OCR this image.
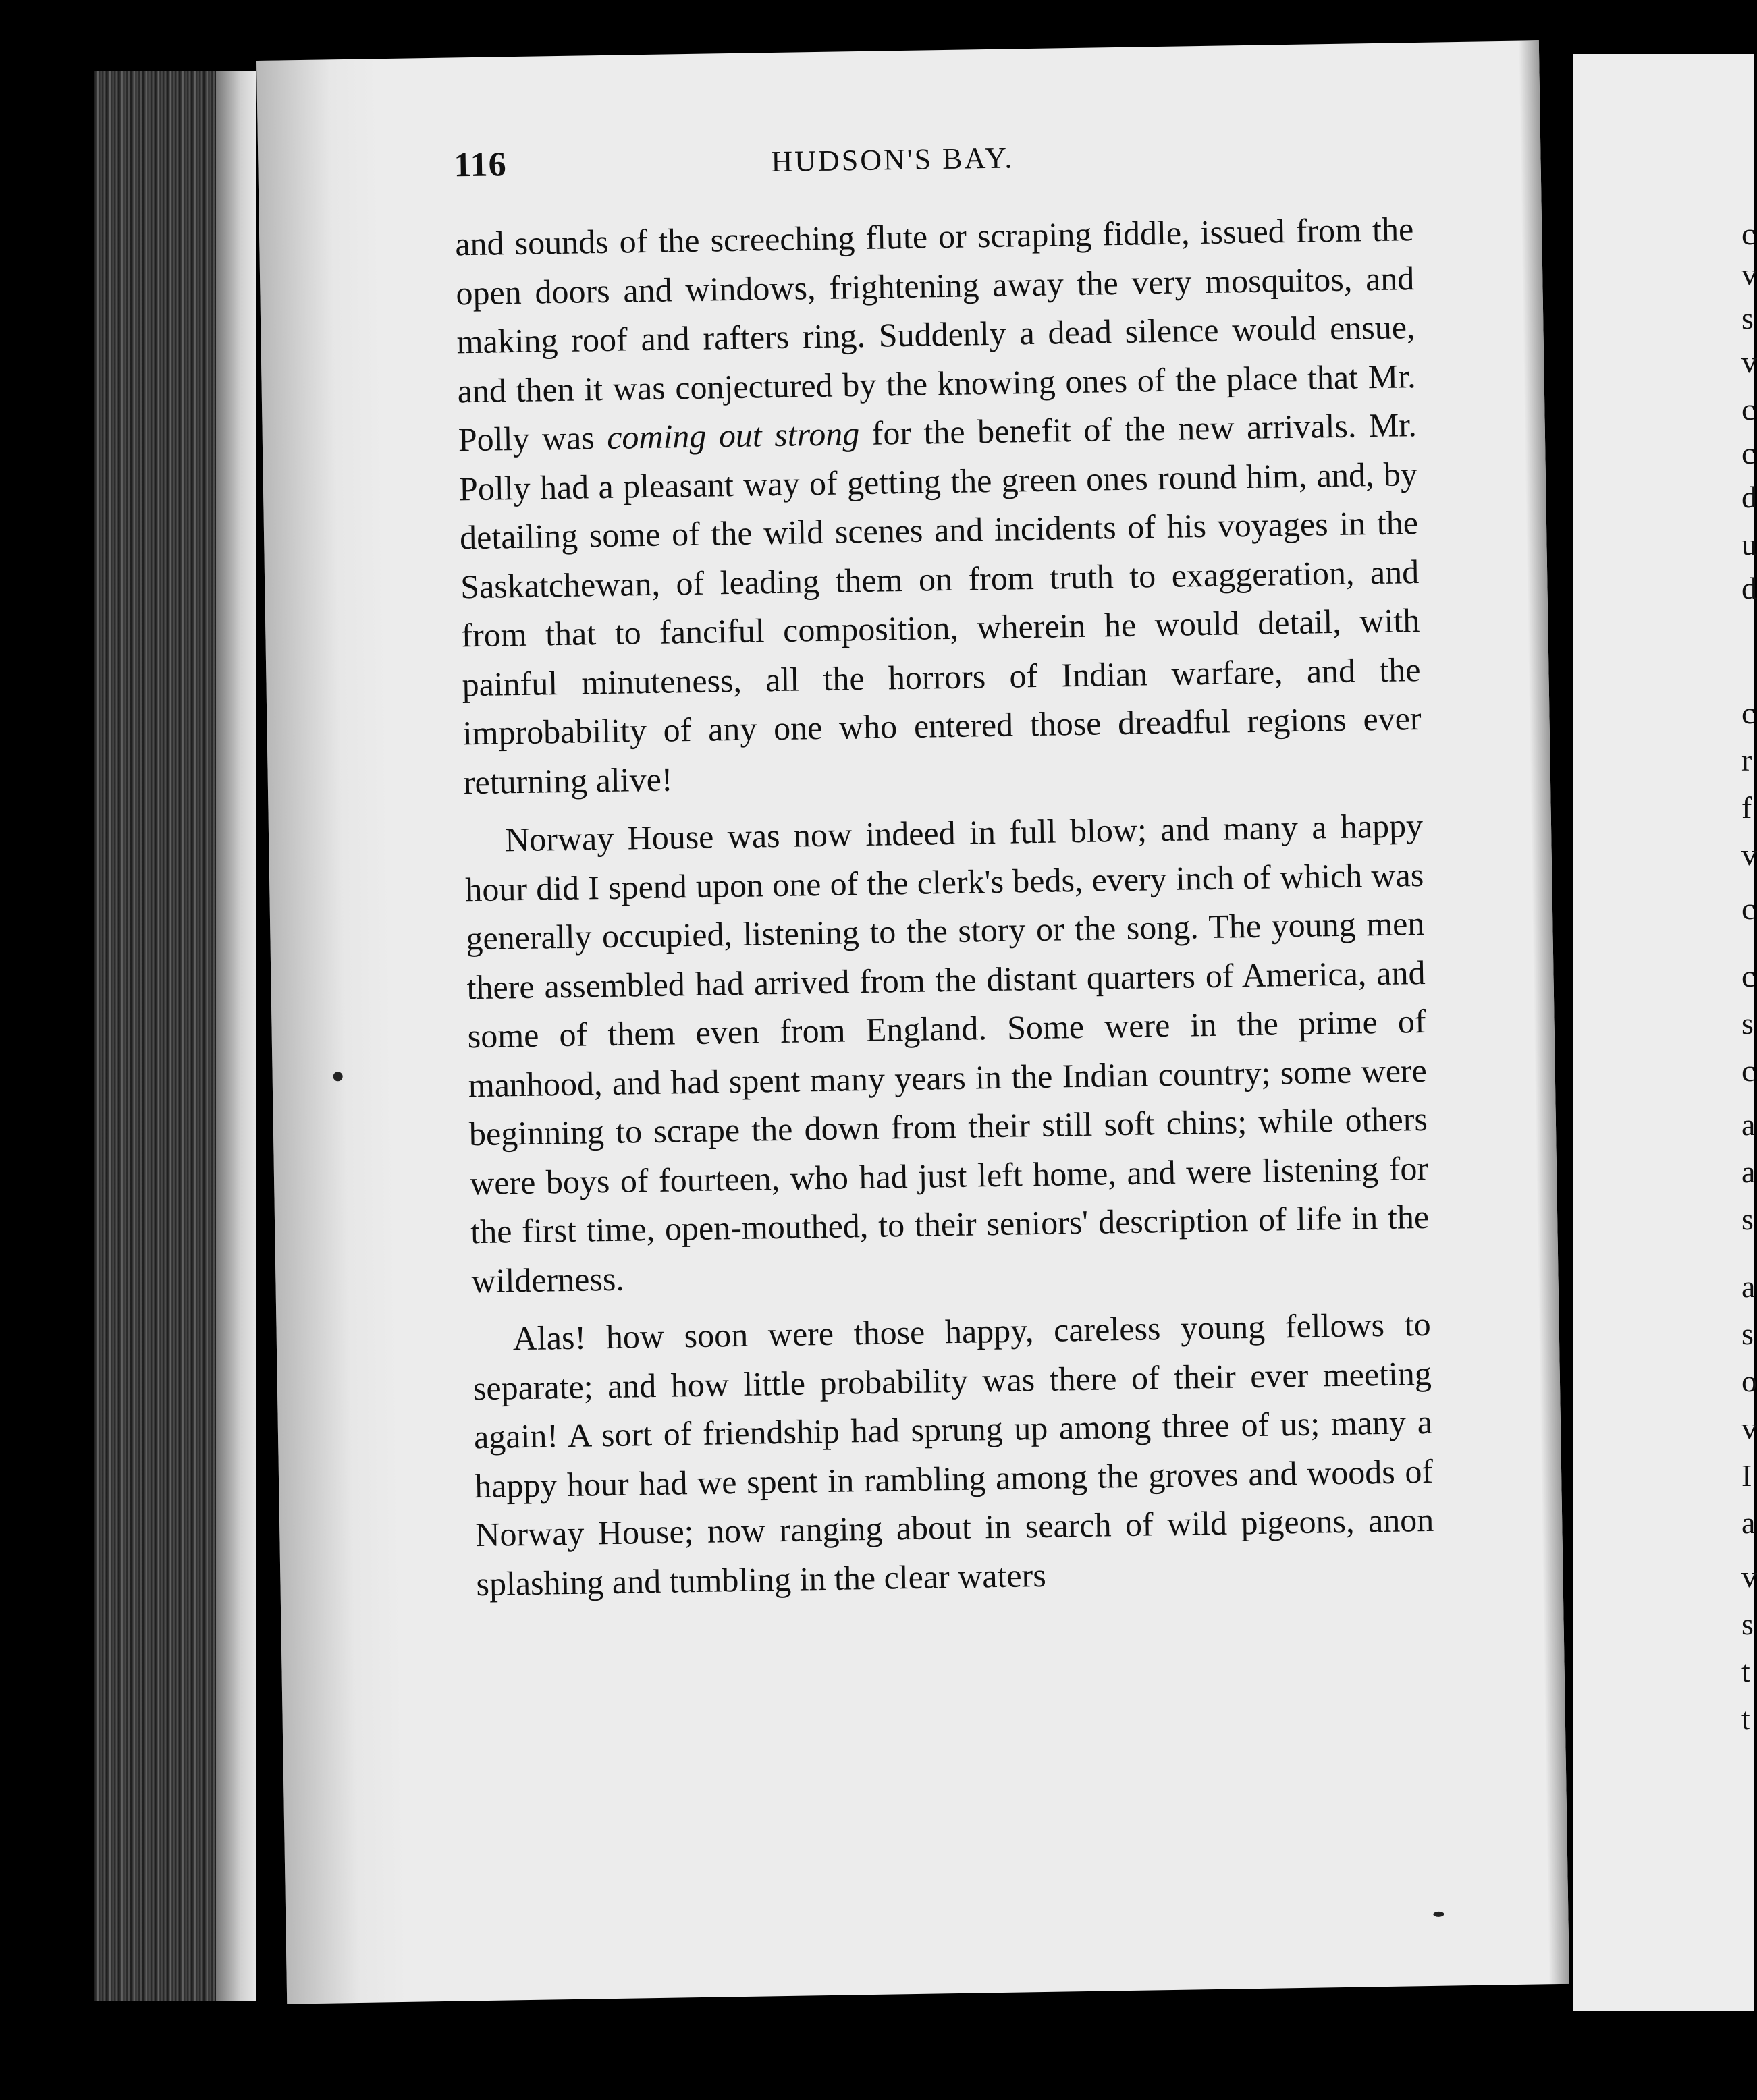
c
v
s
v
c
c
d
u
d
c
r
f
v
c
c
s
c
a
a
s
a
s
o
v
I
a
v
s
t
t
116	HUDSON'S BAY.

and sounds of the screeching flute or scraping fiddle, issued from the open doors and windows, frightening away the very mosquitos, and making roof and rafters ring. Suddenly a dead silence would ensue, and then it was conjectured by the knowing ones of the place that Mr. Polly was coming out strong for the benefit of the new arrivals. Mr. Polly had a pleasant way of getting the green ones round him, and, by detailing some of the wild scenes and incidents of his voyages in the Saskatchewan, of leading them on from truth to exaggeration, and from that to fanciful composition, wherein he would detail, with painful minuteness, all the horrors of Indian warfare, and the improbability of any one who entered those dreadful regions ever returning alive!

Norway House was now indeed in full blow; and many a happy hour did I spend upon one of the clerk's beds, every inch of which was generally occupied, listening to the story or the song. The young men there assembled had arrived from the distant quarters of America, and some of them even from England. Some were in the prime of manhood, and had spent many years in the Indian country; some were beginning to scrape the down from their still soft chins; while others were boys of fourteen, who had just left home, and were listening for the first time, open-mouthed, to their seniors' description of life in the wilderness.

Alas! how soon were those happy, careless young fellows to separate; and how little probability was there of their ever meeting again! A sort of friendship had sprung up among three of us; many a happy hour had we spent in rambling among the groves and woods of Norway House; now ranging about in search of wild pigeons, anon splashing and tumbling in the clear waters
